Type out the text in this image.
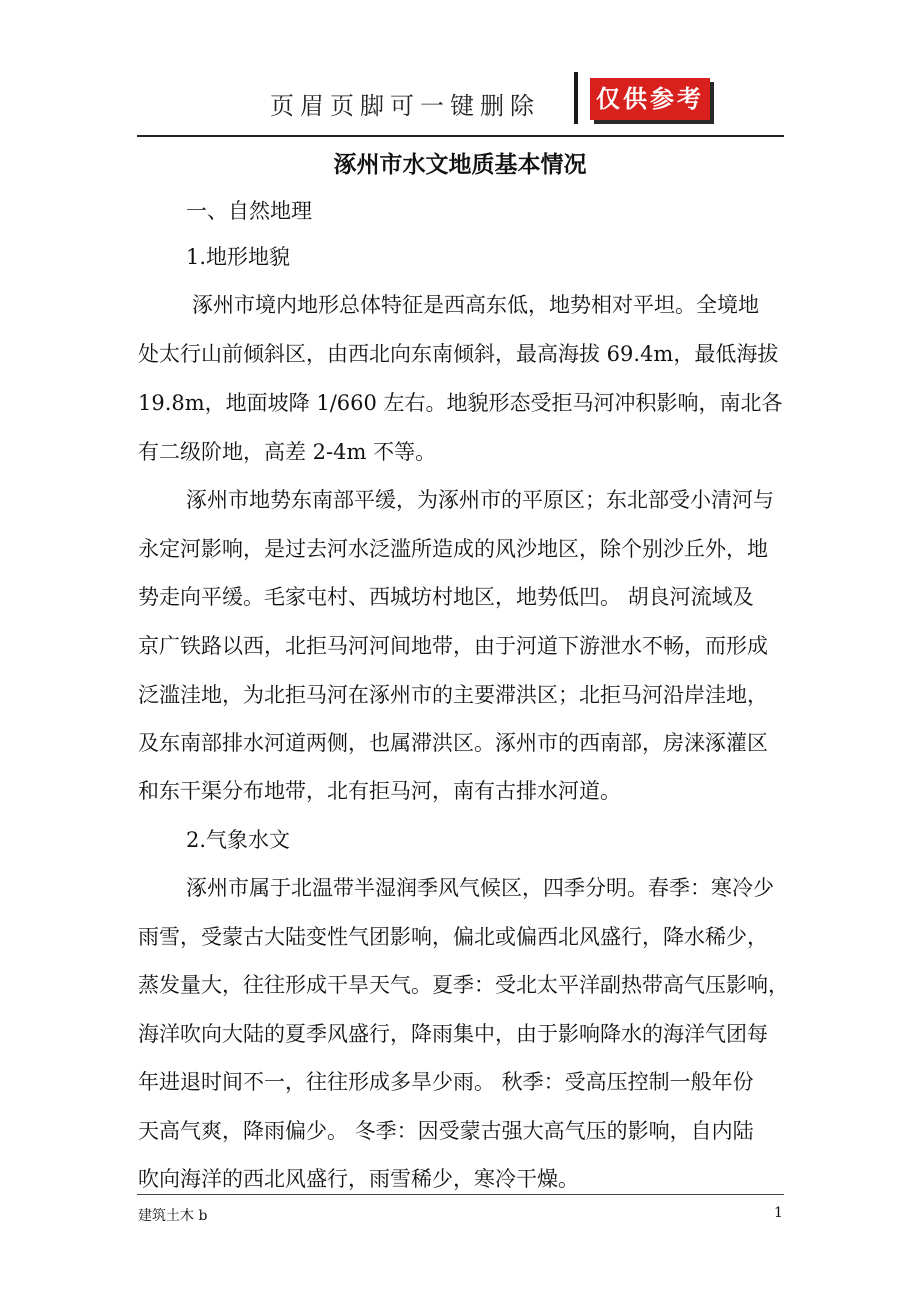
页眉页脚可一键删除 仅供参考
涿州市水文地质基本情况
一、自然地理
1.地形地貌
涿州市境内地形总体特征是西高东低，地势相对平坦。全境地
处太行山前倾斜区，由西北向东南倾斜，最高海拔 69.4m，最低海拔
19.8m，地面坡降 1/660 左右。地貌形态受拒马河冲积影响，南北各
有二级阶地，高差 2-4m 不等。
涿州市地势东南部平缓，为涿州市的平原区；东北部受小清河与
永定河影响，是过去河水泛滥所造成的风沙地区，除个别沙丘外，地
势走向平缓。毛家屯村、西城坊村地区，地势低凹。 胡良河流域及
京广铁路以西，北拒马河河间地带，由于河道下游泄水不畅，而形成
泛滥洼地，为北拒马河在涿州市的主要滞洪区；北拒马河沿岸洼地，
及东南部排水河道两侧，也属滞洪区。涿州市的西南部，房涞涿灌区
和东干渠分布地带，北有拒马河，南有古排水河道。
2.气象水文
涿州市属于北温带半湿润季风气候区，四季分明。春季：寒冷少
雨雪，受蒙古大陆变性气团影响，偏北或偏西北风盛行，降水稀少，
蒸发量大，往往形成干旱天气。夏季：受北太平洋副热带高气压影响，
海洋吹向大陆的夏季风盛行，降雨集中，由于影响降水的海洋气团每
年进退时间不一，往往形成多旱少雨。 秋季：受高压控制一般年份
天高气爽，降雨偏少。 冬季：因受蒙古强大高气压的影响，自内陆
吹向海洋的西北风盛行，雨雪稀少，寒冷干燥。
建筑土木 b	1
